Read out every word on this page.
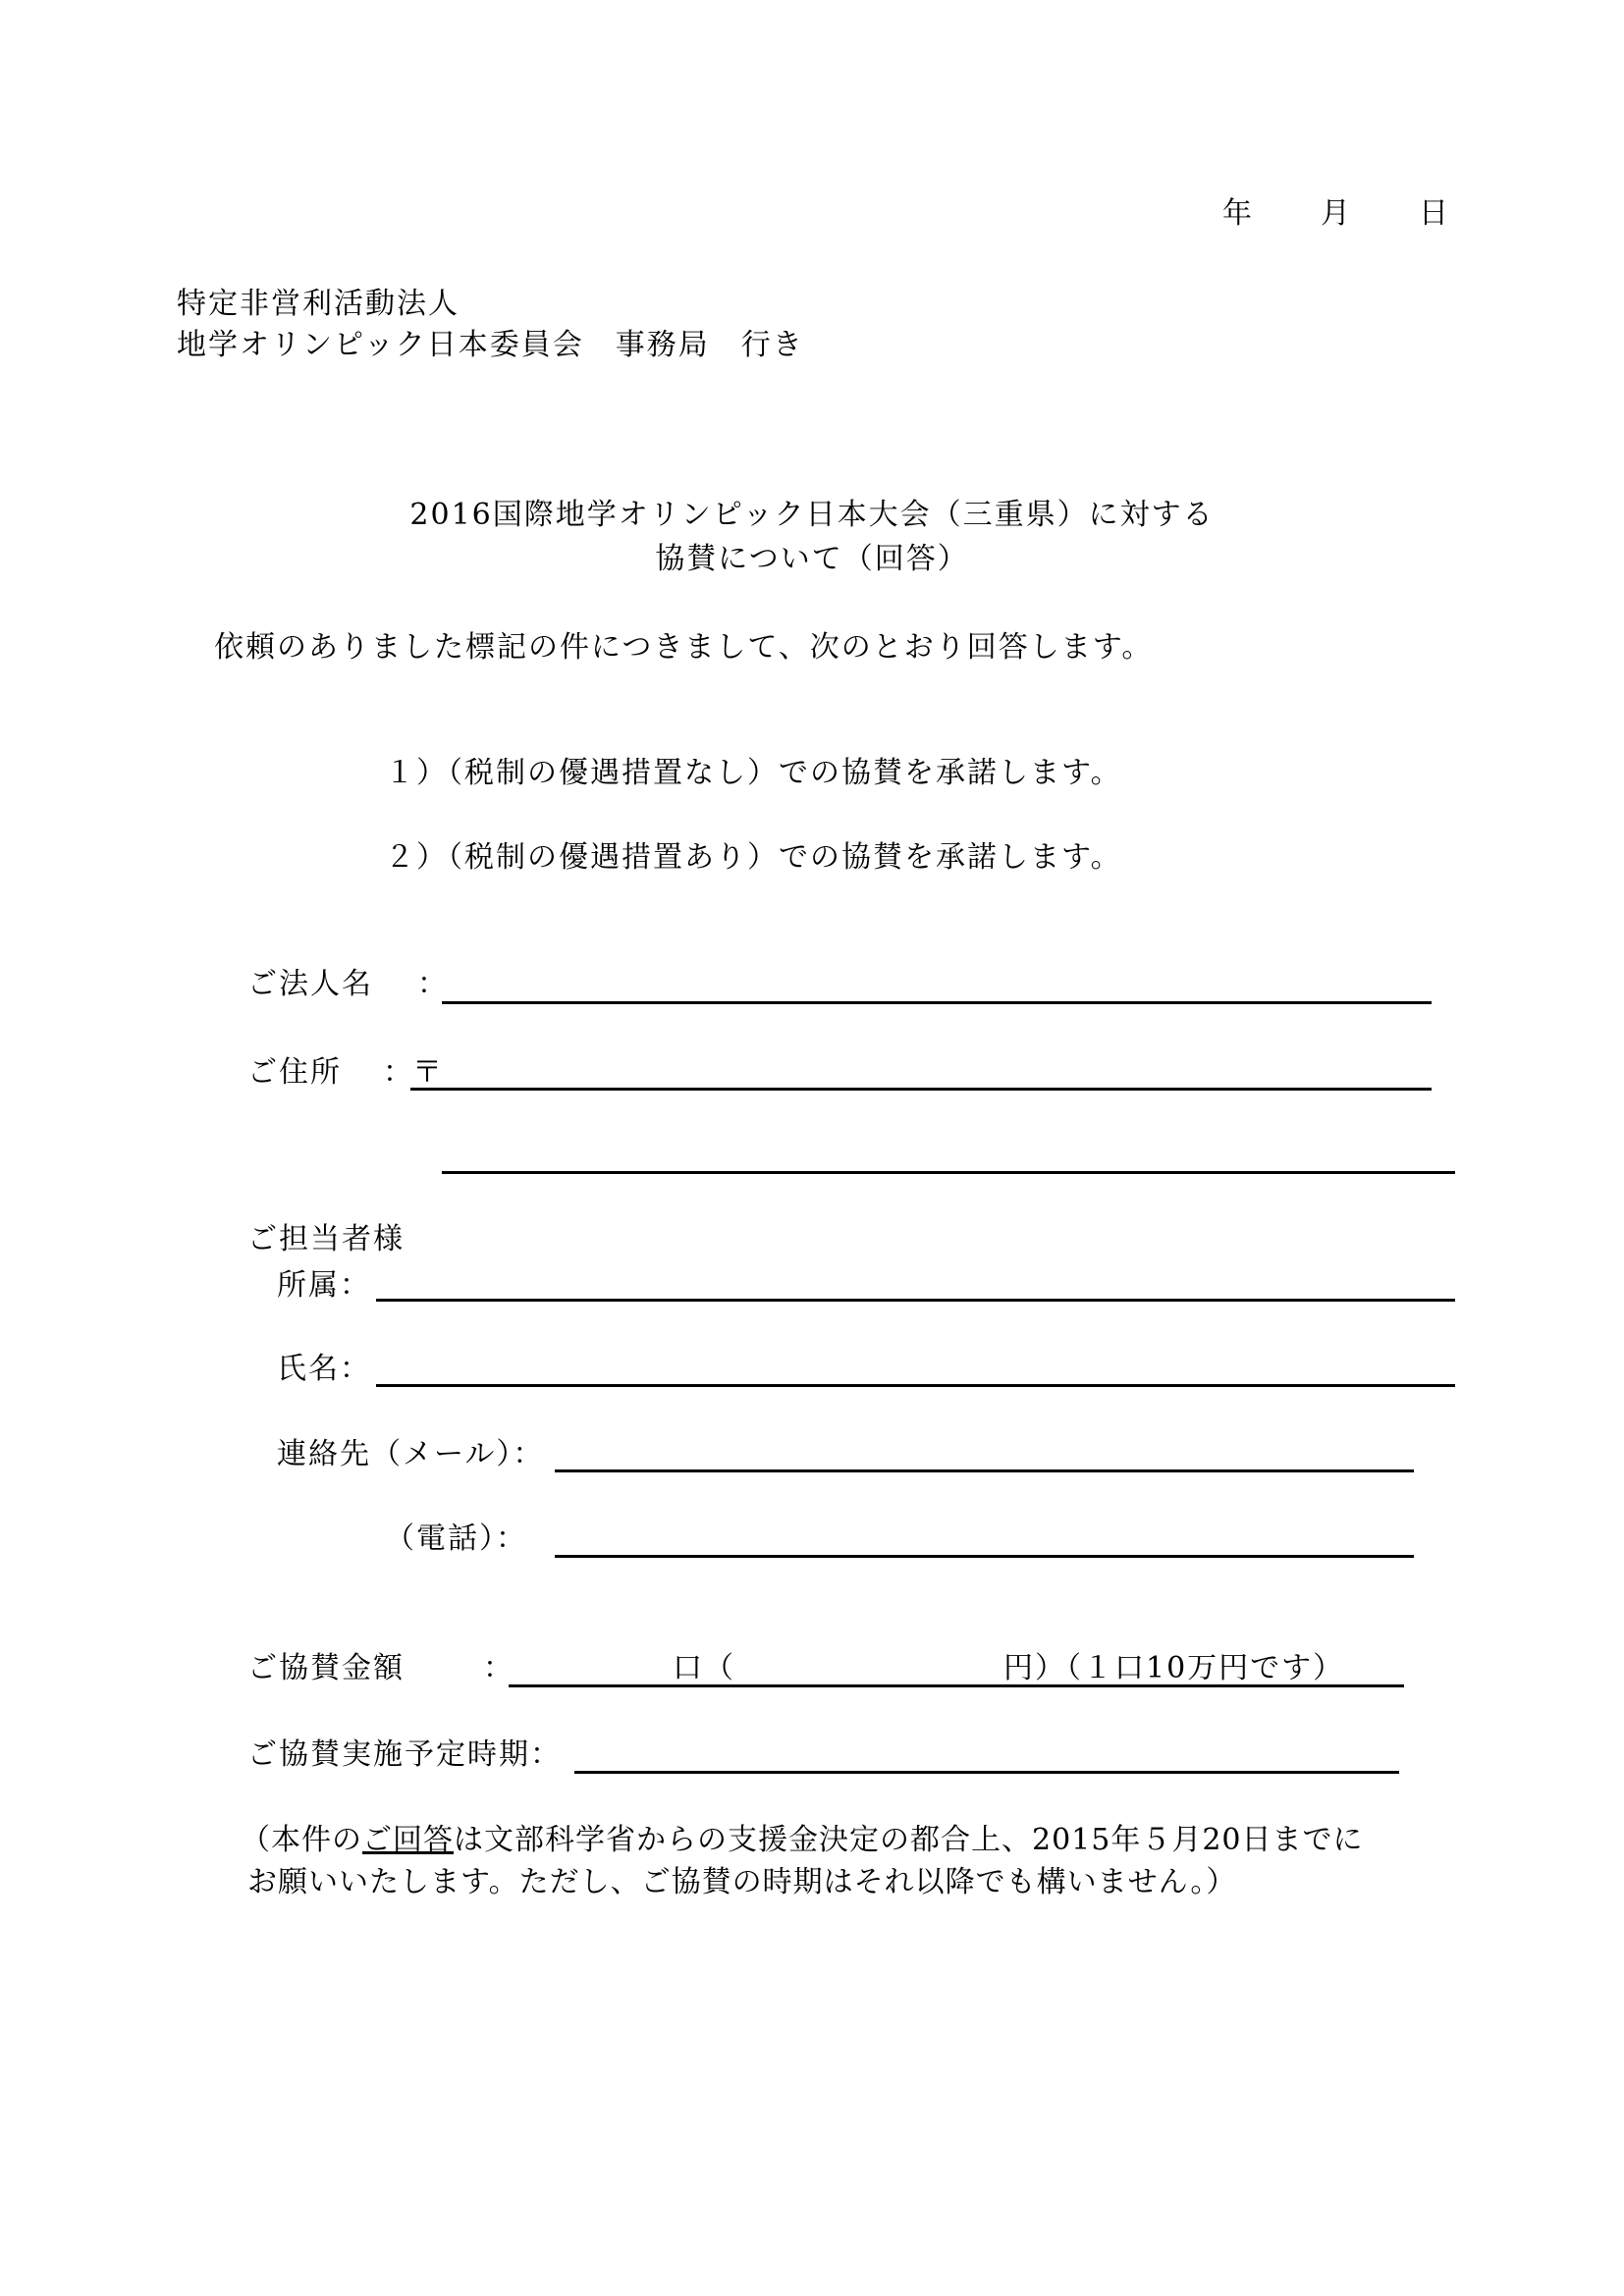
年 月 日
特定非営利活動法人
地学オリンピック日本委員会　事務局　行き
2016国際地学オリンピック日本大会（三重県）に対する
協賛について（回答）
依頼のありました標記の件につきまして、次のとおり回答します。
１）（税制の優遇措置なし）での協賛を承諾します。
２）（税制の優遇措置あり）での協賛を承諾します。
ご法人名 ：
ご住所 ：
〒
ご担当者様
所属：
氏名：
連絡先（メール）：
（電話）：
ご協賛金額	：	口（	円）（１口10万円です）
ご協賛実施予定時期：
（本件のご回答は文部科学省からの支援金決定の都合上、2015年５月20日までに
お願いいたします。ただし、ご協賛の時期はそれ以降でも構いません。）
